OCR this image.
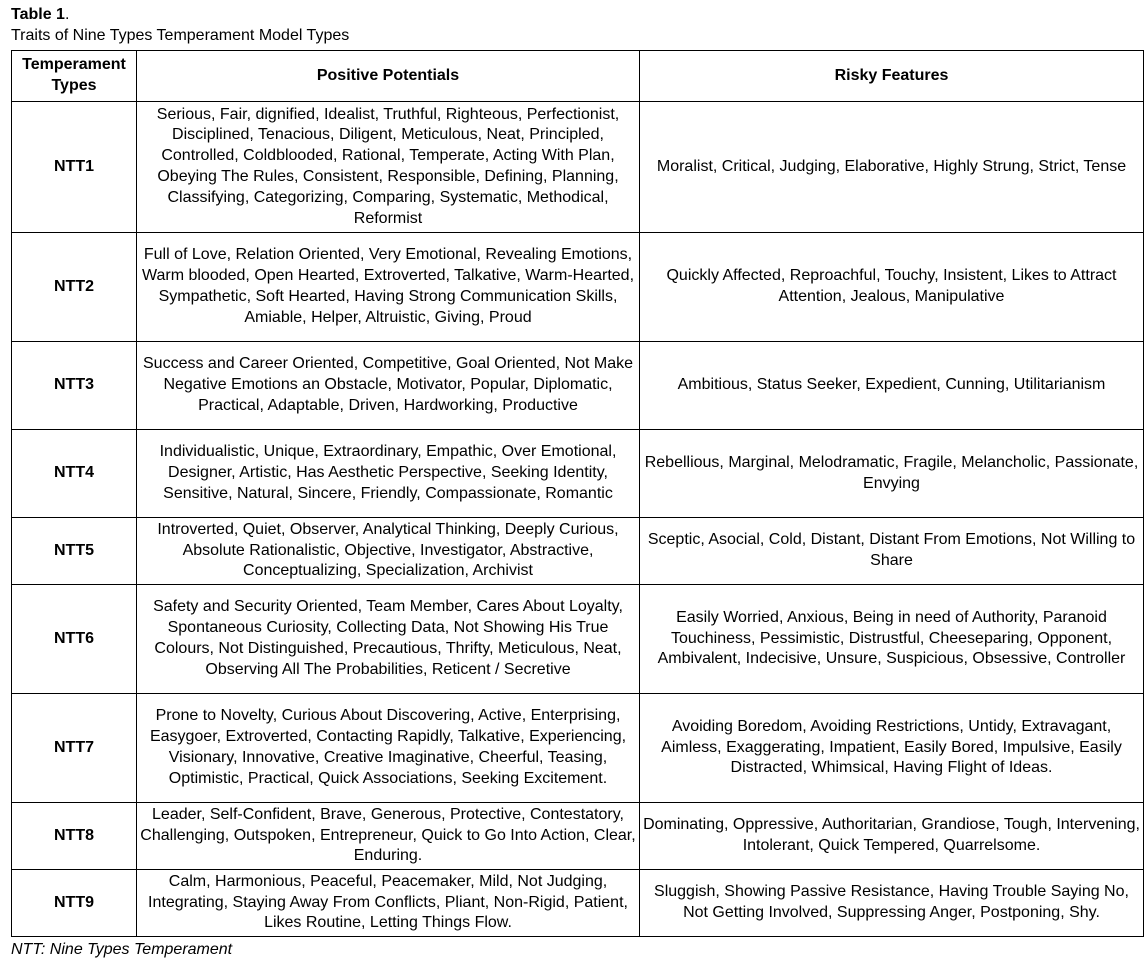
Table 1.
Traits of Nine Types Temperament Model Types
Temperament Types	Positive Potentials	Risky Features
NTT1	Serious, Fair, dignified, Idealist, Truthful, Righteous, Perfectionist, Disciplined, Tenacious, Diligent, Meticulous, Neat, Principled, Controlled, Coldblooded, Rational, Temperate, Acting With Plan, Obeying The Rules, Consistent, Responsible, Defining, Planning, Classifying, Categorizing, Comparing, Systematic, Methodical, Reformist	Moralist, Critical, Judging, Elaborative, Highly Strung, Strict, Tense
NTT2	Full of Love, Relation Oriented, Very Emotional, Revealing Emotions, Warm blooded, Open Hearted, Extroverted, Talkative, Warm-Hearted, Sympathetic, Soft Hearted, Having Strong Communication Skills, Amiable, Helper, Altruistic, Giving, Proud	Quickly Affected, Reproachful, Touchy, Insistent, Likes to Attract Attention, Jealous, Manipulative
NTT3	Success and Career Oriented, Competitive, Goal Oriented, Not Make Negative Emotions an Obstacle, Motivator, Popular, Diplomatic, Practical, Adaptable, Driven, Hardworking, Productive	Ambitious, Status Seeker, Expedient, Cunning, Utilitarianism
NTT4	Individualistic, Unique, Extraordinary, Empathic, Over Emotional, Designer, Artistic, Has Aesthetic Perspective, Seeking Identity, Sensitive, Natural, Sincere, Friendly, Compassionate, Romantic	Rebellious, Marginal, Melodramatic, Fragile, Melancholic, Passionate, Envying
NTT5	Introverted, Quiet, Observer, Analytical Thinking, Deeply Curious, Absolute Rationalistic, Objective, Investigator, Abstractive, Conceptualizing, Specialization, Archivist	Sceptic, Asocial, Cold, Distant, Distant From Emotions, Not Willing to Share
NTT6	Safety and Security Oriented, Team Member, Cares About Loyalty, Spontaneous Curiosity, Collecting Data, Not Showing His True Colours, Not Distinguished, Precautious, Thrifty, Meticulous, Neat, Observing All The Probabilities, Reticent / Secretive	Easily Worried, Anxious, Being in need of Authority, Paranoid Touchiness, Pessimistic, Distrustful, Cheeseparing, Opponent, Ambivalent, Indecisive, Unsure, Suspicious, Obsessive, Controller
NTT7	Prone to Novelty, Curious About Discovering, Active, Enterprising, Easygoer, Extroverted, Contacting Rapidly, Talkative, Experiencing, Visionary, Innovative, Creative Imaginative, Cheerful, Teasing, Optimistic, Practical, Quick Associations, Seeking Excitement.	Avoiding Boredom, Avoiding Restrictions, Untidy, Extravagant, Aimless, Exaggerating, Impatient, Easily Bored, Impulsive, Easily Distracted, Whimsical, Having Flight of Ideas.
NTT8	Leader, Self-Confident, Brave, Generous, Protective, Contestatory, Challenging, Outspoken, Entrepreneur, Quick to Go Into Action, Clear, Enduring.	Dominating, Oppressive, Authoritarian, Grandiose, Tough, Intervening, Intolerant, Quick Tempered, Quarrelsome.
NTT9	Calm, Harmonious, Peaceful, Peacemaker, Mild, Not Judging, Integrating, Staying Away From Conflicts, Pliant, Non-Rigid, Patient, Likes Routine, Letting Things Flow.	Sluggish, Showing Passive Resistance, Having Trouble Saying No, Not Getting Involved, Suppressing Anger, Postponing, Shy.
NTT: Nine Types Temperament
